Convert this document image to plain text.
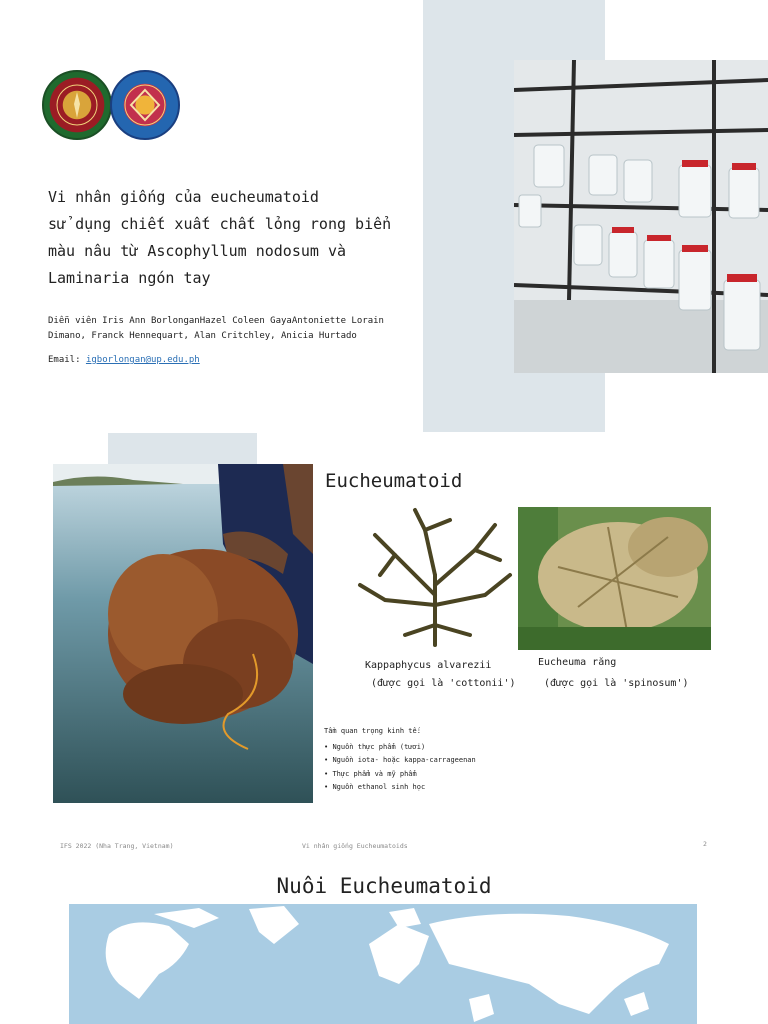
Vi nhân giống của eucheumatoid
sử dụng chiết xuất chất lỏng rong biển
màu nâu từ Ascophyllum nodosum và
Laminaria ngón tay
Diễn viên Iris Ann BorlonganHazel Coleen GayaAntoniette Lorain
Dimano, Franck Hennequart, Alan Critchley, Anicia Hurtado
Email: igborlongan@up.edu.ph
Eucheumatoid
Kappaphycus alvarezii
(được gọi là 'cottonii')
Eucheuma răng
(được gọi là 'spinosum')
Tầm quan trọng kinh tế:
• Nguồn thực phẩm (tươi)
• Nguồn iota- hoặc kappa-carrageenan
• Thực phẩm và mỹ phẩm
• Nguồn ethanol sinh học
IFS 2022 (Nha Trang, Vietnam)	Vi nhân giống Eucheumatoids	2
Nuôi Eucheumatoid
